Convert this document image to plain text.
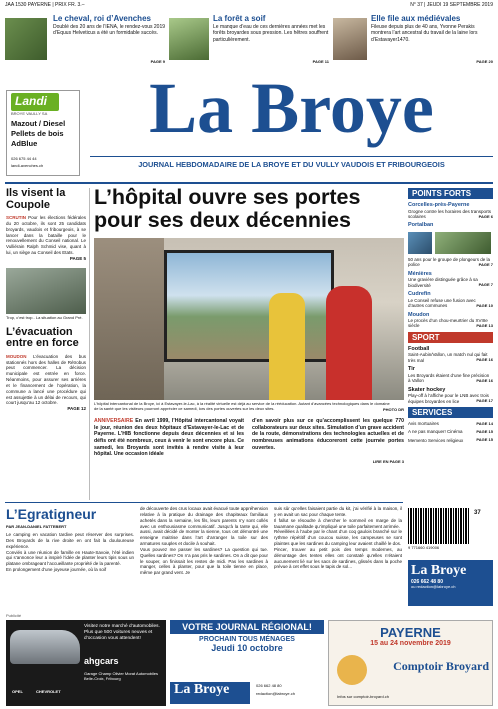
JAA 1530 PAYERNE | PRIX FR. 3.–	N° 37 | JEUDI 19 SEPTEMBRE 2019
Le cheval, roi d’Avenches
Doublé des 20 ans de l’IENA, le rendez-vous 2019 d’Equus Helveticus a été un formidable succès.
PAGE 9
La forêt a soif
Le manque d’eau de ces dernières années met les forêts broyardes sous pression. Les hêtres souffrent particulièrement.
PAGE 11
Elle file aux médiévales
Fileuse depuis plus de 40 ans, Yvonne Perakis montrera l’art ancestral du travail de la laine lors d’Estavayer1470.
PAGE 20
Landi
BROYE VAULLY SA
Mazout / Diesel
Pellets de bois
AdBlue
026 675 44 44
landi-avenches.ch
La Broye
JOURNAL HEBDOMADAIRE DE LA BROYE ET DU VULLY VAUDOIS ET FRIBOURGEOIS
Ils visent la Coupole
SCRUTIN Pour les élections fédérales du 20 octobre, ils sont 25 candidats broyards, vaudois et fribourgeois, à se lancer dans la bataille pour le renouvellement du Conseil national. Le Vulliérain Ralph Schmid vise, quant à lui, un siège au Conseil des Etats.
PAGE 5
Trop, c’est trop.. La situation au Grand Pré.
L’évacuation entre en force
MOUDON L’évacuation des bus stationnés hors des halles de Rétrobus peut commencer. La décision municipale est entrée en force. Néanmoins, pour assurer ses arrières et le financement de l’opération, la commune a lancé une procédure qui est assujettie à un délai de recours, qui court jusqu’au 12 octobre.
PAGE 12
L’hôpital ouvre ses portes pour ses deux décennies
L’hôpital intercantonal de la Broye, ici à Estavayer-le-Lac, à la réalité virtuelle est déjà au service de la rééducation. Autant d’avancées technologiques dans le domaine de la santé que les visiteurs pourront apprécier ce samedi, lors des portes ouvertes sur les deux sites.	PHOTO DR
ANNIVERSAIRE En avril 1999, l’Hôpital intercantonal voyait le jour, réunion des deux hôpitaux d’Estavayer-le-Lac et de Payerne. L’HIB fonctionne depuis deux décennies et si les défis ont été nombreux, ceux à venir le sont encore plus. Ce samedi, les Broyards sont invités à rendre visite à leur hôpital. Une occasion idéale
d’en savoir plus sur ce qu’accomplissent les quelque 770 collaborateurs sur deux sites. Simulation d’un grave accident de la route, démonstrations des technologies actuelles et de nombreuses animations éducoreront cette journée portes ouvertes.
LIRE EN PAGE 3
POINTS FORTS
Corcelles-près-Payerne
Grogne contre les horaires des transports scolaires	PAGE 6
Portalban
50 ans pour le groupe de plongeurs de la police	PAGE 7
Ménières
Une gravière distinguée grâce à sa biodiversité	PAGE 7
Cudrefin
Le Conseil refuse une fusion avec d’autres communes	PAGE 10
Moudon
Le procès d’un chou-meurtrier du XVIIIe siècle	PAGE 13
SPORT
Football
Saint-Aubin/Vallon, un match nul qui fait très mal	PAGE 16
Tir
Les Broyards étaient d’une fine précision à Vallon	PAGE 16
Skater hockey
Play-off à l’affiche pour le LNB avec trois équipes broyardes en lice	PAGE 17
SERVICES
Avis mortuaires	PAGE 14
A ne pas manquer! Cinéma	PAGE 15
Memento Services religieux	PAGE 15
9 771660 419006
37
La Broye
026 662 48 80
ou redaction@labroye.ch
L’Egratigneur
PAR JEAN-DANIEL FATTEBERT

Le camping en vacation tardive peut réserver des surprises. Des Broyards de la rive droite en ont fait la douloureuse expérience.

Conviés à une réunion de famille en Haute-Savoie, l’été indien qui s’annonce leur a inspiré l’idée de planter leurs tipis sous un platane ombrageant l’accueillante propriété de la parenté.

En prolongement d’une joyeuse journée, où la soif

de découverte des crus locaux avait évacué toute appréhension relative à la pratique du drainage des chapiteaux familiaux achetés dans la semaine, les fils, leurs parents n’y sont collés avec un enthousiasme communicatif. Jusqu’à la tante qui, elle aussi, avait décidé de monter la sienne, tous ont démontré une enseigne maitrise dans l’art d’arranger la toile sur des armatures souples et docile à souhait.

Vous pouvez me passer les sardines? La question qui tue. Quelles sardines? On n’a pas pris le sardines. On a dit que pour le souper, on finissait les restes de midi. Pas les sardines à manger, celles à planter, pour que la toile tienne en place, même par grand vent. Je

suis sûr qu’elles faisaient partie du kit, j’ai vérifié à la maison, il y en avait un sac pour chaque tente.

Il fallut se résoudre à chercher le sommeil en marge de la tauamane qualitade qu’impliqué une toile parfaitement arrimée.

Réveillées à l’aube par le chant d’un coq gaulois branché sur le rythme répétitif d’un coucou suisse, les campeuses se sont plaintes que les sardines du camping leur avaient chaillé le dos.

Pincer, trouver au petit pois des temps modernes, au démontage des tentes elles ont constaté qu’elles n’étaient aucunement lié sur les sacs de sardines, glissés dans la poche prévue à cet effet sous le tapis de sol...

Publicité
Visitez notre marché d’automobiles. Plus que 500 voitures neuves et d’occasion vous attendent!
ahgcars
Garage Champ Olivier Morat Automobiles Belle-Croix, Fribourg
OPEL	CHEVROLET
VOTRE JOURNAL RÉGIONAL!
PROCHAIN TOUS MÉNAGES
Jeudi 10 octobre
La Broye	026 662 48 80
redaction@labroye.ch
PAYERNE
15 au 24 novembre 2019
Comptoir Broyard
Infos sur comptoir-broyard.ch
